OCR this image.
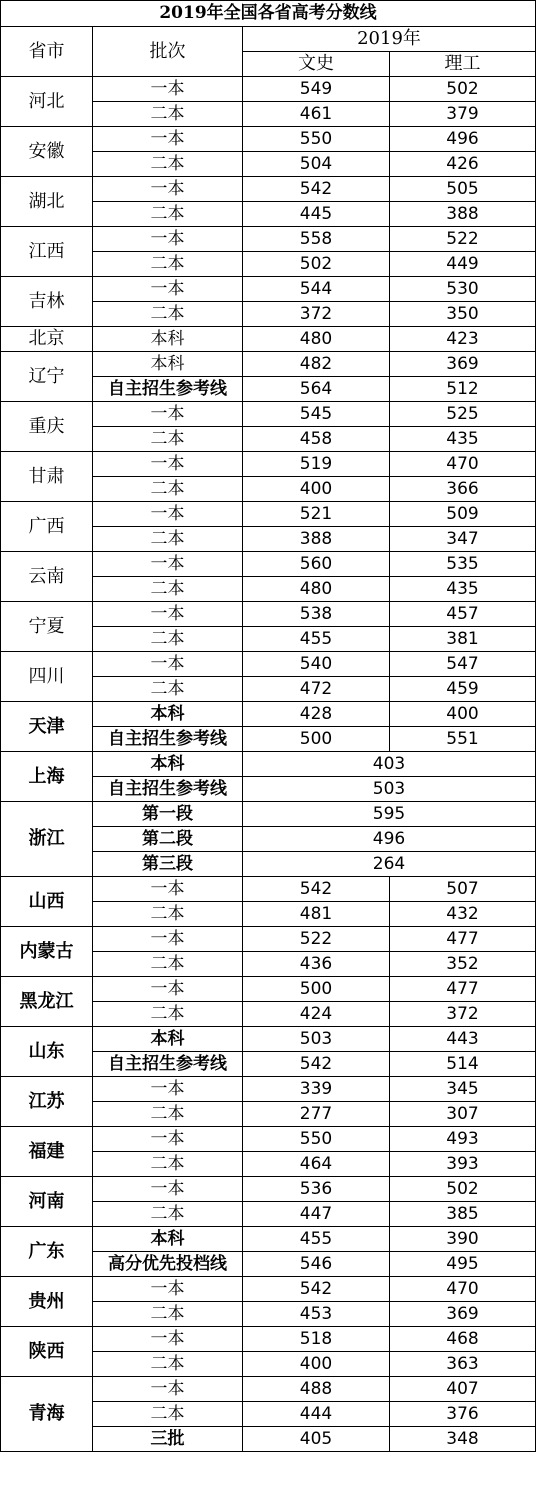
2019年全国各省高考分数线			
省市	批次	2019年	
		文史	理工
河北	一本	549	502
	二本	461	379
安徽	一本	550	496
	二本	504	426
湖北	一本	542	505
	二本	445	388
江西	一本	558	522
	二本	502	449
吉林	一本	544	530
	二本	372	350
北京	本科	480	423
辽宁	本科	482	369
	自主招生参考线	564	512
重庆	一本	545	525
	二本	458	435
甘肃	一本	519	470
	二本	400	366
广西	一本	521	509
	二本	388	347
云南	一本	560	535
	二本	480	435
宁夏	一本	538	457
	二本	455	381
四川	一本	540	547
	二本	472	459
天津	本科	428	400
	自主招生参考线	500	551
上海	本科	403	
	自主招生参考线	503	
浙江	第一段	595	
	第二段	496	
	第三段	264	
山西	一本	542	507
	二本	481	432
内蒙古	一本	522	477
	二本	436	352
黑龙江	一本	500	477
	二本	424	372
山东	本科	503	443
	自主招生参考线	542	514
江苏	一本	339	345
	二本	277	307
福建	一本	550	493
	二本	464	393
河南	一本	536	502
	二本	447	385
广东	本科	455	390
	高分优先投档线	546	495
贵州	一本	542	470
	二本	453	369
陕西	一本	518	468
	二本	400	363
青海	一本	488	407
	二本	444	376
	三批	405	348
